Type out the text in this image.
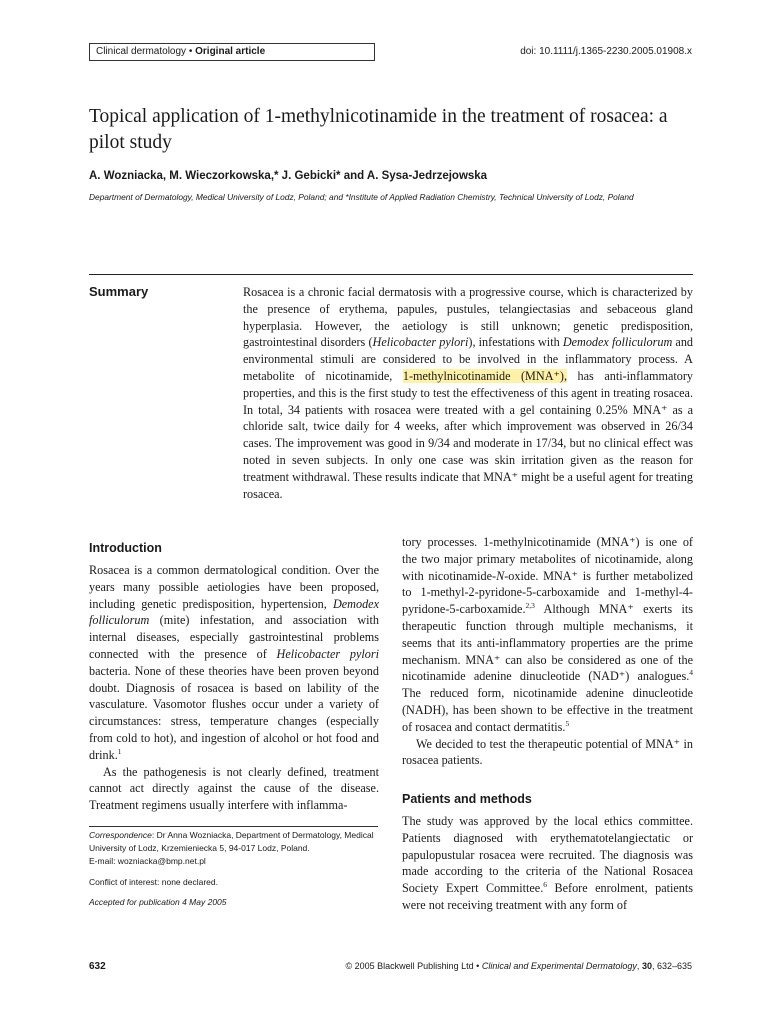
Clinical dermatology • Original article	doi: 10.1111/j.1365-2230.2005.01908.x
Topical application of 1-methylnicotinamide in the treatment of rosacea: a pilot study
A. Wozniacka, M. Wieczorkowska,* J. Gebicki* and A. Sysa-Jedrzejowska
Department of Dermatology, Medical University of Lodz, Poland; and *Institute of Applied Radiation Chemistry, Technical University of Lodz, Poland
Summary	Rosacea is a chronic facial dermatosis with a progressive course, which is characterized by the presence of erythema, papules, pustules, telangiectasias and sebaceous gland hyperplasia. However, the aetiology is still unknown; genetic predisposition, gastrointestinal disorders (Helicobacter pylori), infestations with Demodex folliculorum and environmental stimuli are considered to be involved in the inflammatory process. A metabolite of nicotinamide, 1-methylnicotinamide (MNA⁺), has anti-inflammatory properties, and this is the first study to test the effectiveness of this agent in treating rosacea. In total, 34 patients with rosacea were treated with a gel containing 0.25% MNA⁺ as a chloride salt, twice daily for 4 weeks, after which improvement was observed in 26/34 cases. The improvement was good in 9/34 and moderate in 17/34, but no clinical effect was noted in seven subjects. In only one case was skin irritation given as the reason for treatment withdrawal. These results indicate that MNA⁺ might be a useful agent for treating rosacea.

Introduction

Rosacea is a common dermatological condition. Over the years many possible aetiologies have been proposed, including genetic predisposition, hypertension, Demodex folliculorum (mite) infestation, and association with internal diseases, especially gastrointestinal problems connected with the presence of Helicobacter pylori bacteria. None of these theories have been proven beyond doubt. Diagnosis of rosacea is based on lability of the vasculature. Vasomotor flushes occur under a variety of circumstances: stress, temperature changes (especially from cold to hot), and ingestion of alcohol or hot food and drink.$^1$

As the pathogenesis is not clearly defined, treatment cannot act directly against the cause of the disease. Treatment regimens usually interfere with inflamma-

tory processes. 1-methylnicotinamide (MNA⁺) is one of the two major primary metabolites of nicotinamide, along with nicotinamide-N-oxide. MNA⁺ is further metabolized to 1-methyl-2-pyridone-5-carboxamide and 1-methyl-4-pyridone-5-carboxamide.$^{2,3}$ Although MNA⁺ exerts its therapeutic function through multiple mechanisms, it seems that its anti-inflammatory properties are the prime mechanism. MNA⁺ can also be considered as one of the nicotinamide adenine dinucleotide (NAD⁺) analogues.$^4$ The reduced form, nicotinamide adenine dinucleotide (NADH), has been shown to be effective in the treatment of rosacea and contact dermatitis.$^5$

We decided to test the therapeutic potential of MNA⁺ in rosacea patients.

Patients and methods

The study was approved by the local ethics committee. Patients diagnosed with erythematotelangiectatic or papulopustular rosacea were recruited. The diagnosis was made according to the criteria of the National Rosacea Society Expert Committee.$^6$ Before enrolment, patients were not receiving treatment with any form of

Correspondence: Dr Anna Wozniacka, Department of Dermatology, Medical University of Lodz, Krzemieniecka 5, 94-017 Lodz, Poland.

E-mail: wozniacka@bmp.net.pl

Conflict of interest: none declared.

Accepted for publication 4 May 2005

632	© 2005 Blackwell Publishing Ltd • Clinical and Experimental Dermatology, 30, 632–635
